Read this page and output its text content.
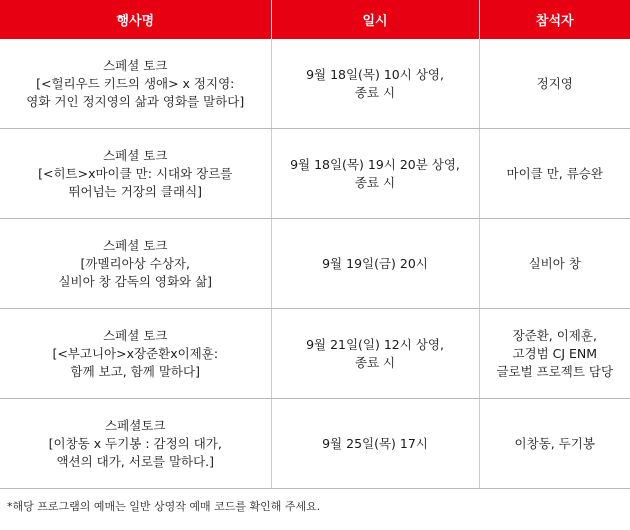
행사명	일시	참석자

스페셜 토크
[<헐리우드 키드의 생애> x 정지영:
영화 거인 정지영의 삶과 영화를 말하다]	9월 18일(목) 10시 상영,
종료 시	정지영

스페셜 토크
[<히트>x마이클 만: 시대와 장르를
뛰어넘는 거장의 클래식]	9월 18일(목) 19시 20분 상영,
종료 시	마이클 만, 류승완

스페셜 토크
[까멜리아상 수상자,
실비아 창 감독의 영화와 삶]	9월 19일(금) 20시	실비아 창

스페셜 토크
[<부고니아>x장준환x이제훈:
함께 보고, 함께 말하다]	9월 21일(일) 12시 상영,
종료 시	장준환, 이제훈,
고경범 CJ ENM
글로벌 프로젝트 담당

스페셜토크
[이창동 x 두기봉 : 감정의 대가,
액션의 대가, 서로를 말하다.]	9월 25일(목) 17시	이창동, 두기봉
*해당 프로그램의 예매는 일반 상영작 예매 코드를 확인해 주세요.
